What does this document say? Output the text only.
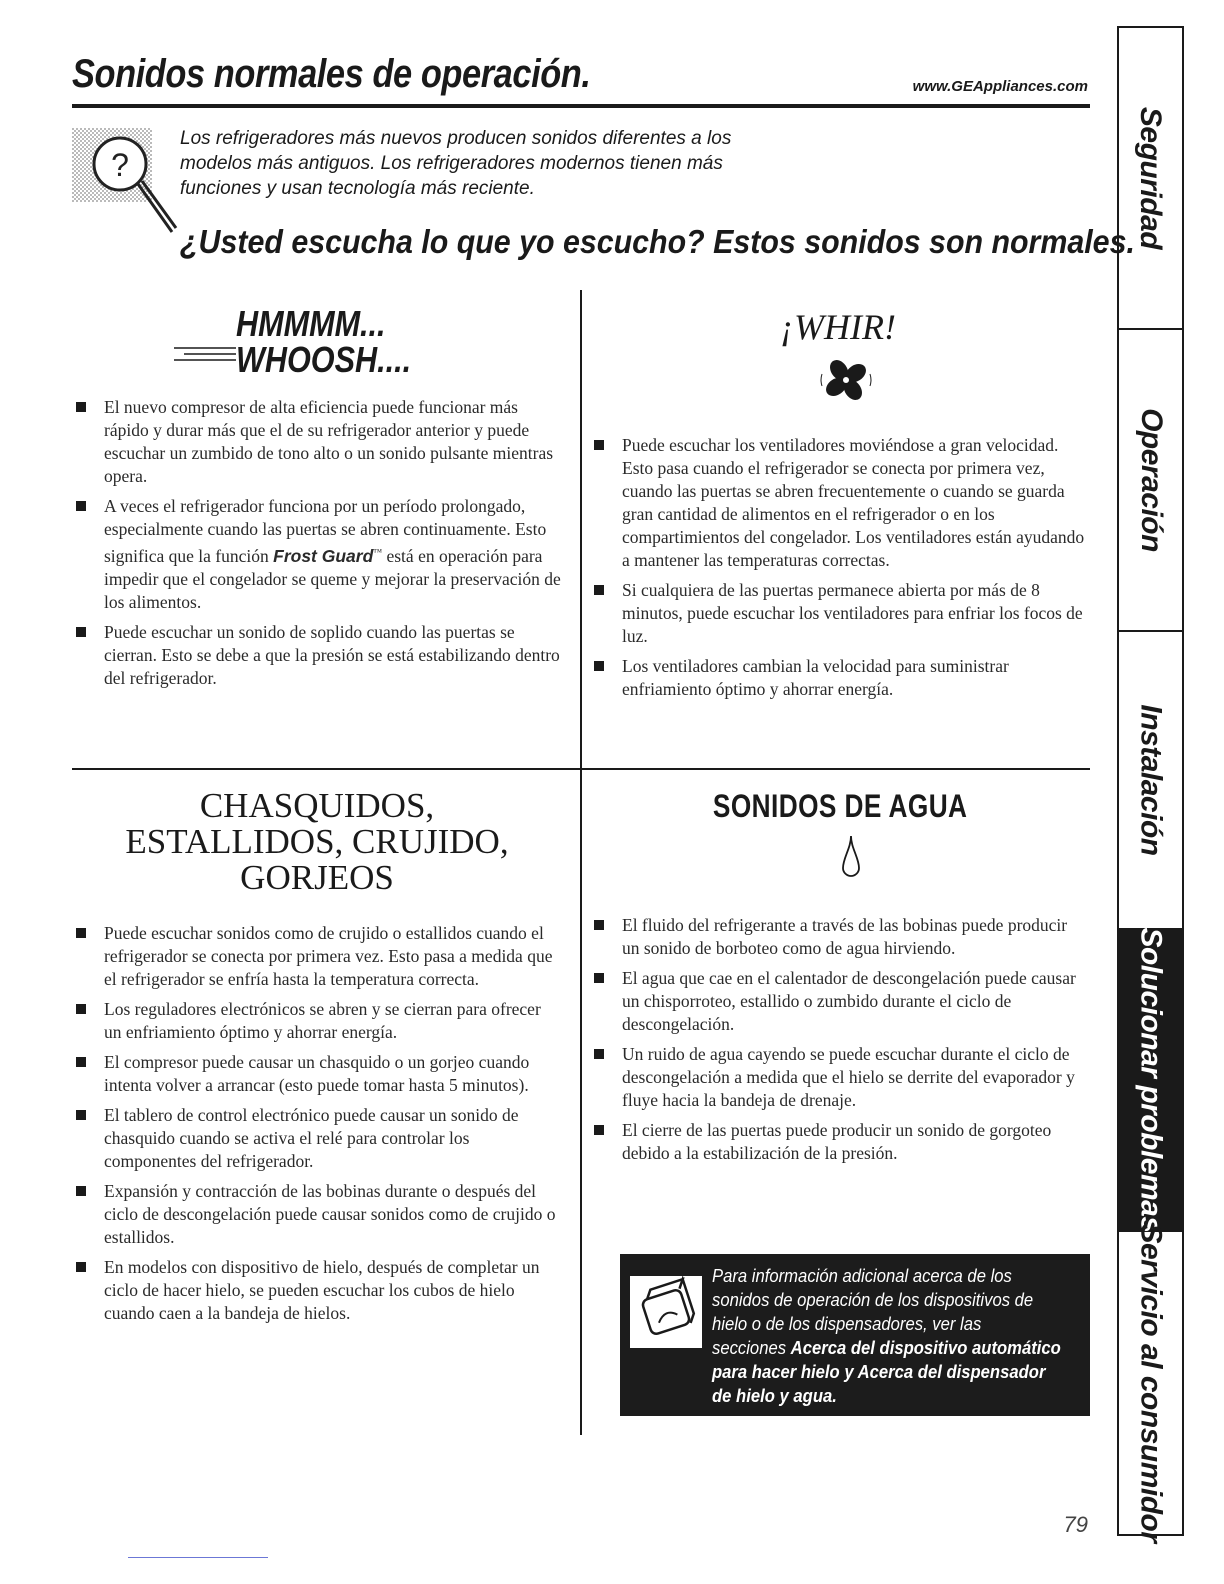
Sonidos normales de operación.	www.GEAppliances.com
?
Los refrigeradores más nuevos producen sonidos diferentes a los modelos más antiguos. Los refrigeradores modernos tienen más funciones y usan tecnología más reciente.
¿Usted escucha lo que yo escucho? Estos sonidos son normales.
HMMMM...
WHOOSH....
El nuevo compresor de alta eficiencia puede funcionar más rápido y durar más que el de su refrigerador anterior y puede escuchar un zumbido de tono alto o un sonido pulsante mientras opera.
A veces el refrigerador funciona por un período prolongado, especialmente cuando las puertas se abren continuamente. Esto significa que la función Frost Guard™ está en operación para impedir que el congelador se queme y mejorar la preservación de los alimentos.
Puede escuchar un sonido de soplido cuando las puertas se cierran. Esto se debe a que la presión se está estabilizando dentro del refrigerador.
¡WHIR!
Puede escuchar los ventiladores moviéndose a gran velocidad. Esto pasa cuando el refrigerador se conecta por primera vez, cuando las puertas se abren frecuentemente o cuando se guarda gran cantidad de alimentos en el refrigerador o en los compartimientos del congelador. Los ventiladores están ayudando a mantener las temperaturas correctas.
Si cualquiera de las puertas permanece abierta por más de 8 minutos, puede escuchar los ventiladores para enfriar los focos de luz.
Los ventiladores cambian la velocidad para suministrar enfriamiento óptimo y ahorrar energía.
CHASQUIDOS,
ESTALLIDOS, CRUJIDO,
GORJEOS
Puede escuchar sonidos como de crujido o estallidos cuando el refrigerador se conecta por primera vez. Esto pasa a medida que el refrigerador se enfría hasta la temperatura correcta.
Los reguladores electrónicos se abren y se cierran para ofrecer un enfriamiento óptimo y ahorrar energía.
El compresor puede causar un chasquido o un gorjeo cuando intenta volver a arrancar (esto puede tomar hasta 5 minutos).
El tablero de control electrónico puede causar un sonido de chasquido cuando se activa el relé para controlar los componentes del refrigerador.
Expansión y contracción de las bobinas durante o después del ciclo de descongelación puede causar sonidos como de crujido o estallidos.
En modelos con dispositivo de hielo, después de completar un ciclo de hacer hielo, se pueden escuchar los cubos de hielo cuando caen a la bandeja de hielos.
SONIDOS DE AGUA
El fluido del refrigerante a través de las bobinas puede producir un sonido de borboteo como de agua hirviendo.
El agua que cae en el calentador de descongelación puede causar un chisporroteo, estallido o zumbido durante el ciclo de descongelación.
Un ruido de agua cayendo se puede escuchar durante el ciclo de descongelación a medida que el hielo se derrite del evaporador y fluye hacia la bandeja de drenaje.
El cierre de las puertas puede producir un sonido de gorgoteo debido a la estabilización de la presión.
Para información adicional acerca de los
sonidos de operación de los dispositivos de
hielo o de los dispensadores, ver las
secciones Acerca del dispositivo automático
para hacer hielo y Acerca del dispensador
de hielo y agua.
Seguridad
Operación
Instalación
Solucionar problemas
Servicio al consumidor
79
